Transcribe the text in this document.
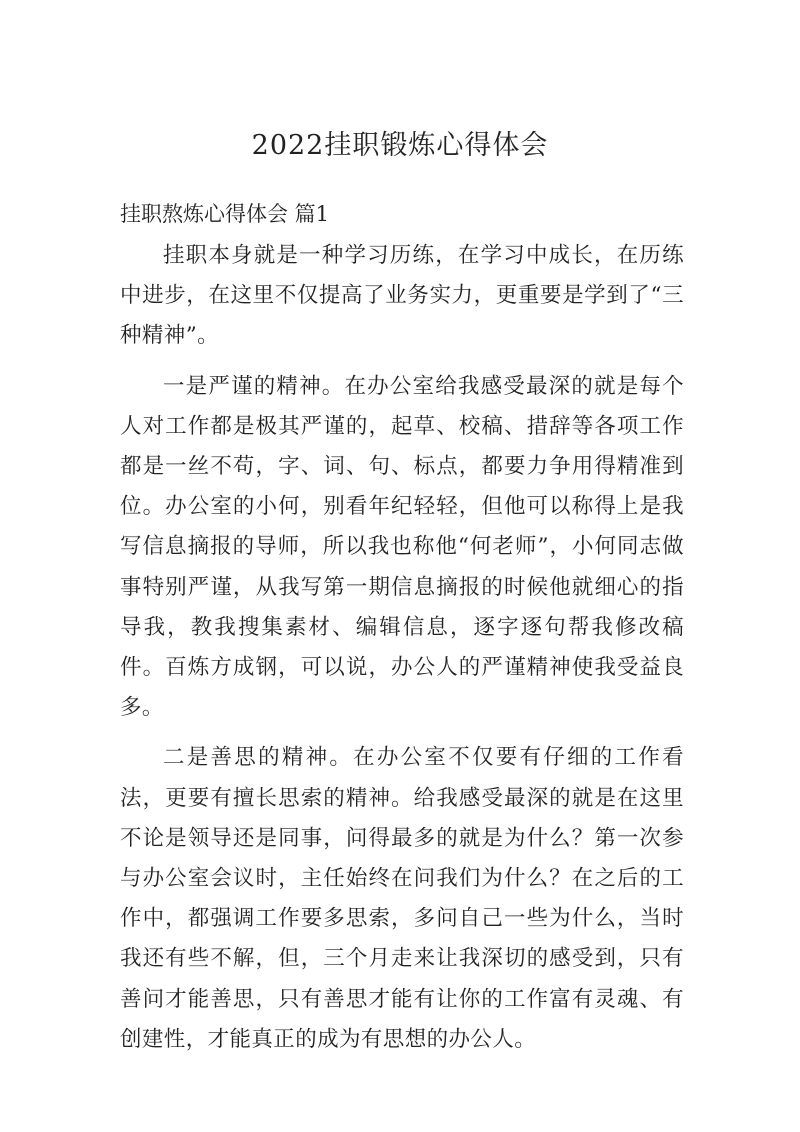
2022挂职锻炼心得体会
挂职熬炼心得体会 篇1

挂职本身就是一种学习历练，在学习中成长，在历练中进步，在这里不仅提高了业务实力，更重要是学到了“三种精神”。

一是严谨的精神。在办公室给我感受最深的就是每个人对工作都是极其严谨的，起草、校稿、措辞等各项工作都是一丝不苟，字、词、句、标点，都要力争用得精准到位。办公室的小何，别看年纪轻轻，但他可以称得上是我写信息摘报的导师，所以我也称他“何老师”，小何同志做事特别严谨，从我写第一期信息摘报的时候他就细心的指导我，教我搜集素材、编辑信息，逐字逐句帮我修改稿件。百炼方成钢，可以说，办公人的严谨精神使我受益良多。

二是善思的精神。在办公室不仅要有仔细的工作看法，更要有擅长思索的精神。给我感受最深的就是在这里不论是领导还是同事，问得最多的就是为什么？第一次参与办公室会议时，主任始终在问我们为什么？在之后的工作中，都强调工作要多思索，多问自己一些为什么，当时我还有些不解，但，三个月走来让我深切的感受到，只有善问才能善思，只有善思才能有让你的工作富有灵魂、有创建性，才能真正的成为有思想的办公人。
